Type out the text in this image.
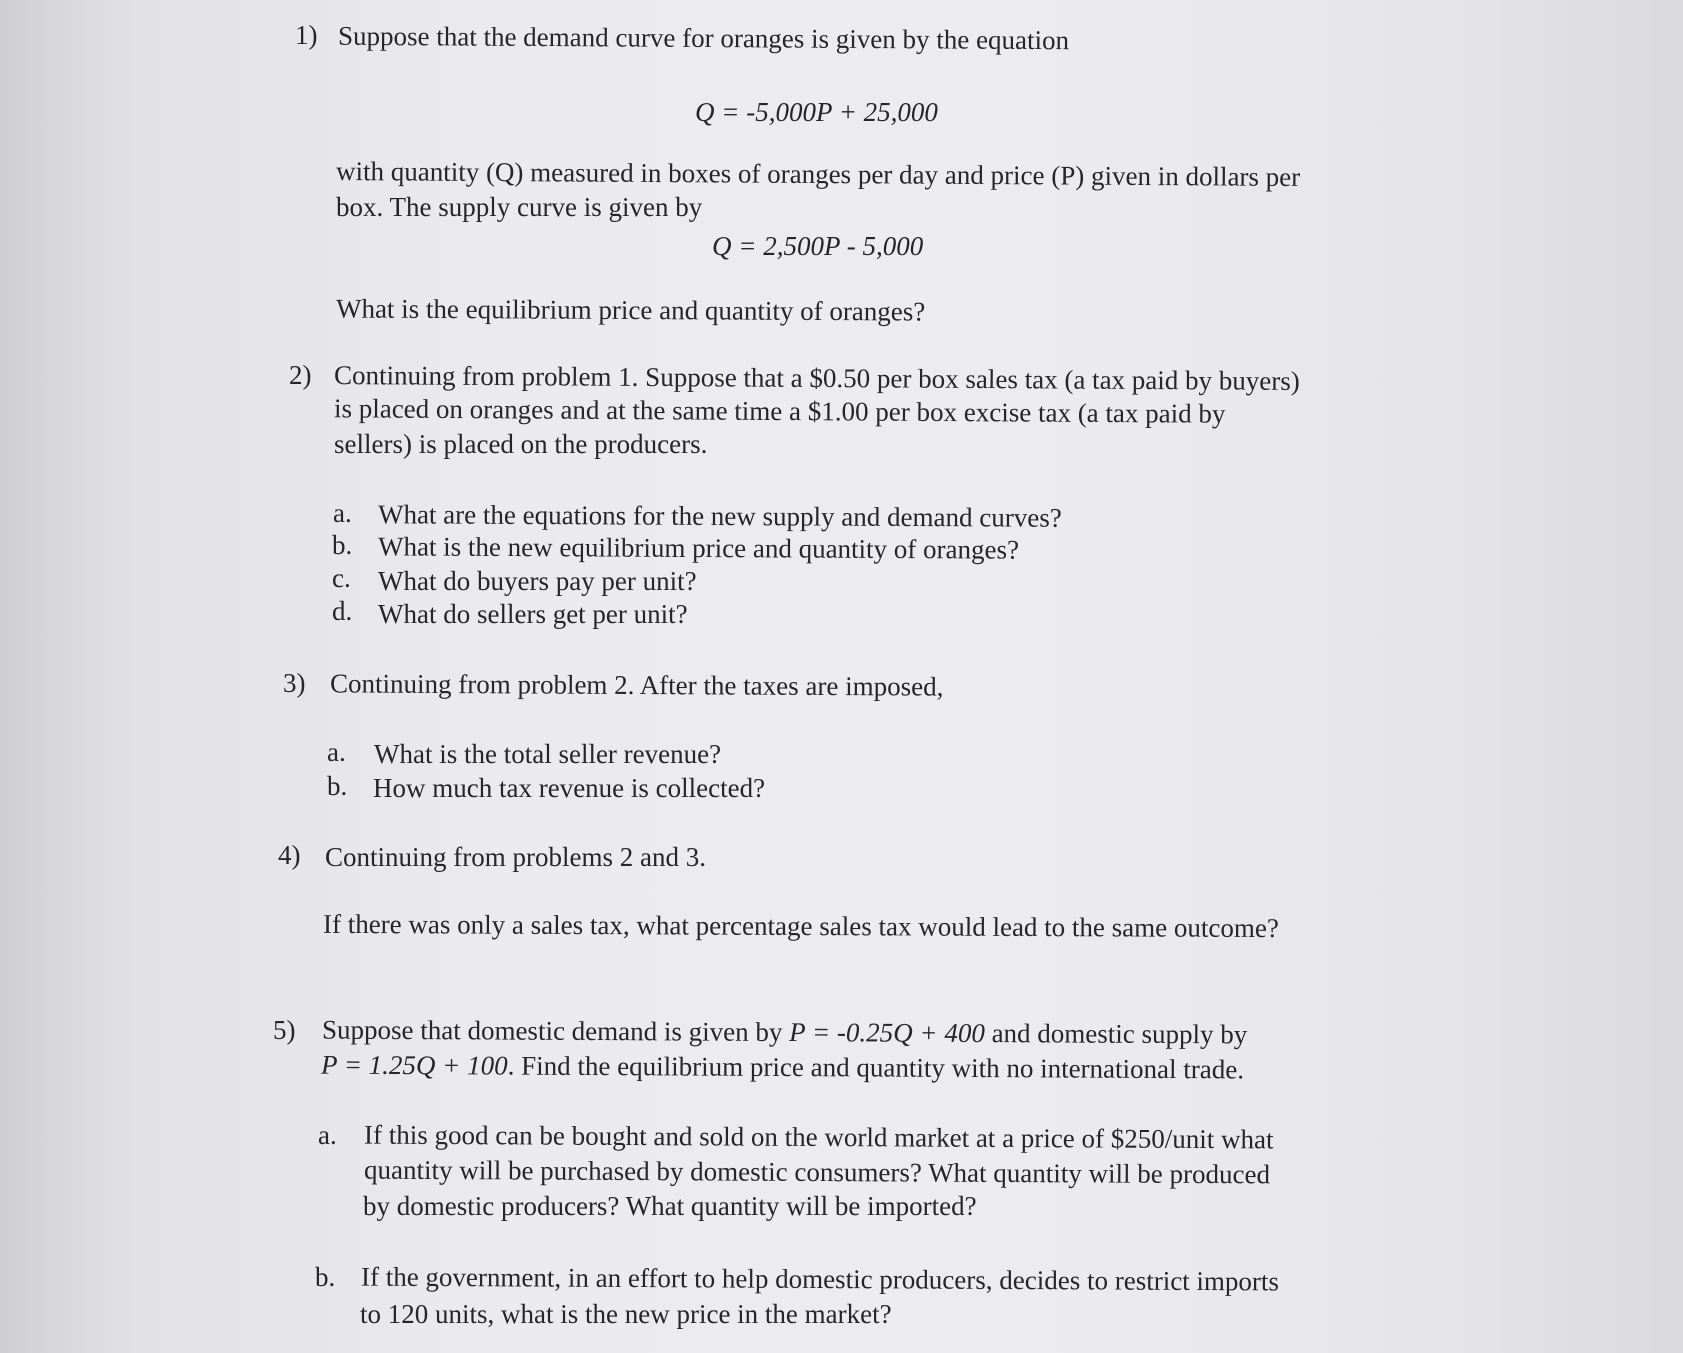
1) Suppose that the demand curve for oranges is given by the equation
Q = -5,000P + 25,000
with quantity (Q) measured in boxes of oranges per day and price (P) given in dollars per
box. The supply curve is given by
Q = 2,500P - 5,000
What is the equilibrium price and quantity of oranges?
2) Continuing from problem 1. Suppose that a $0.50 per box sales tax (a tax paid by buyers)
is placed on oranges and at the same time a $1.00 per box excise tax (a tax paid by
sellers) is placed on the producers.
a. What are the equations for the new supply and demand curves?
b. What is the new equilibrium price and quantity of oranges?
c. What do buyers pay per unit?
d. What do sellers get per unit?
3) Continuing from problem 2. After the taxes are imposed,
a. What is the total seller revenue?
b. How much tax revenue is collected?
4) Continuing from problems 2 and 3.
If there was only a sales tax, what percentage sales tax would lead to the same outcome?
5) Suppose that domestic demand is given by P = -0.25Q + 400 and domestic supply by
P = 1.25Q + 100. Find the equilibrium price and quantity with no international trade.
a. If this good can be bought and sold on the world market at a price of $250/unit what
quantity will be purchased by domestic consumers? What quantity will be produced
by domestic producers? What quantity will be imported?
b. If the government, in an effort to help domestic producers, decides to restrict imports
to 120 units, what is the new price in the market?
